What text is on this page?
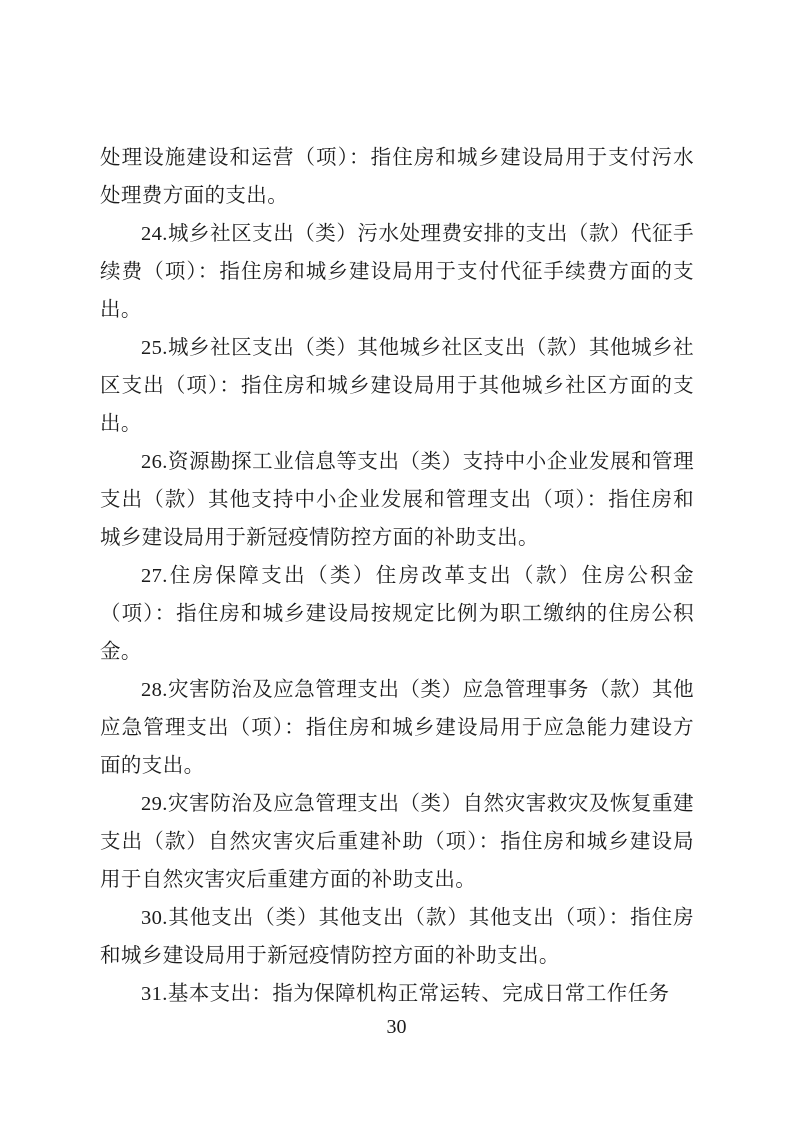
处理设施建设和运营（项）：指住房和城乡建设局用于支付污水处理费方面的支出。

24.城乡社区支出（类）污水处理费安排的支出（款）代征手续费（项）：指住房和城乡建设局用于支付代征手续费方面的支出。

25.城乡社区支出（类）其他城乡社区支出（款）其他城乡社区支出（项）：指住房和城乡建设局用于其他城乡社区方面的支出。

26.资源勘探工业信息等支出（类）支持中小企业发展和管理支出（款）其他支持中小企业发展和管理支出（项）：指住房和城乡建设局用于新冠疫情防控方面的补助支出。

27.住房保障支出（类）住房改革支出（款）住房公积金（项）：指住房和城乡建设局按规定比例为职工缴纳的住房公积金。

28.灾害防治及应急管理支出（类）应急管理事务（款）其他应急管理支出（项）：指住房和城乡建设局用于应急能力建设方面的支出。

29.灾害防治及应急管理支出（类）自然灾害救灾及恢复重建支出（款）自然灾害灾后重建补助（项）：指住房和城乡建设局用于自然灾害灾后重建方面的补助支出。

30.其他支出（类）其他支出（款）其他支出（项）：指住房和城乡建设局用于新冠疫情防控方面的补助支出。

31.基本支出：指为保障机构正常运转、完成日常工作任务

30
